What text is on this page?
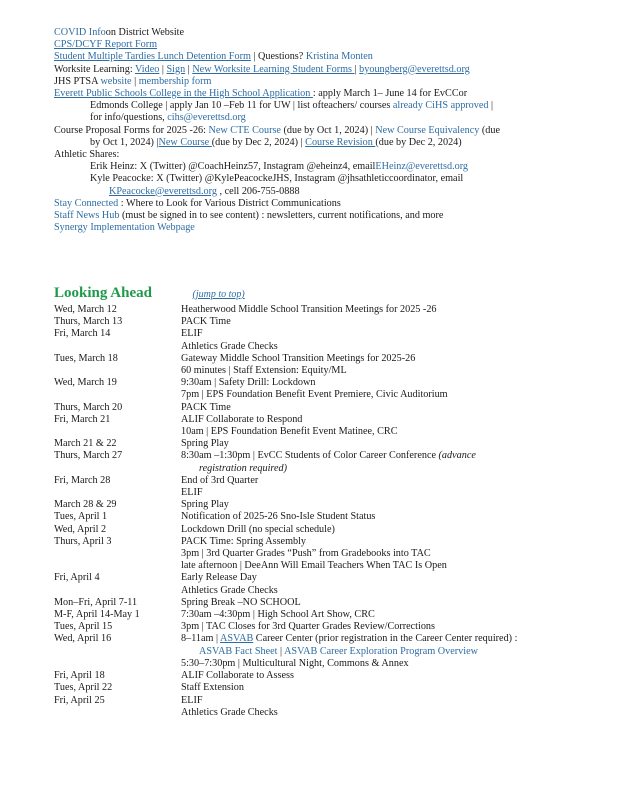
COVID Infoon District Website
CPS/DCYF Report Form
Student Multiple Tardies Lunch Detention Form | Questions? Kristina Monten
Worksite Learning: Video | Sign | New Worksite Learning Student Forms | byoungberg@everettsd.org
JHS PTSA website | membership form
Everett Public Schools College in the High School Application : apply March 1– June 14 for EvCCor
Edmonds College | apply Jan 10 –Feb 11 for UW | list ofteachers/ courses already CiHS approved |
for info/questions, cihs@everettsd.org
Course Proposal Forms for 2025 -26: New CTE Course (due by Oct 1, 2024) | New Course Equivalency (due
by Oct 1, 2024) |New Course (due by Dec 2, 2024) | Course Revision (due by Dec 2, 2024)
Athletic Shares:
Erik Heinz: X (Twitter) @CoachHeinz57, Instagram @eheinz4, emailEHeinz@everettsd.org
Kyle Peacocke: X (Twitter) @KylePeacockeJHS, Instagram @jhsathleticcoordinator, email
KPeacocke@everettsd.org , cell 206-755-0888
Stay Connected : Where to Look for Various District Communications
Staff News Hub (must be signed in to see content) : newsletters, current notifications, and more
Synergy Implementation Webpage
Looking Ahead	(jump to top)
Wed, March 12	Heatherwood Middle School Transition Meetings for 2025 -26
Thurs, March 13	PACK Time
Fri, March 14	ELIF
Athletics Grade Checks
Tues, March 18	Gateway Middle School Transition Meetings for 2025-26
60 minutes | Staff Extension: Equity/ML
Wed, March 19	9:30am | Safety Drill: Lockdown
7pm | EPS Foundation Benefit Event Premiere, Civic Auditorium
Thurs, March 20	PACK Time
Fri, March 21	ALIF Collaborate to Respond
10am | EPS Foundation Benefit Event Matinee, CRC
March 21 & 22	Spring Play
Thurs, March 27	8:30am –1:30pm | EvCC Students of Color Career Conference (advance
registration required)
Fri, March 28	End of 3rd Quarter
ELIF
March 28 & 29	Spring Play
Tues, April 1	Notification of 2025-26 Sno-Isle Student Status
Wed, April 2	Lockdown Drill (no special schedule)
Thurs, April 3	PACK Time: Spring Assembly
3pm | 3rd Quarter Grades “Push” from Gradebooks into TAC
late afternoon | DeeAnn Will Email Teachers When TAC Is Open
Fri, April 4	Early Release Day
Athletics Grade Checks
Mon–Fri, April 7-11	Spring Break –NO SCHOOL
M-F, April 14-May 1	7:30am –4:30pm | High School Art Show, CRC
Tues, April 15	3pm | TAC Closes for 3rd Quarter Grades Review/Corrections
Wed, April 16	8–11am | ASVAB Career Center (prior registration in the Career Center required) :
ASVAB Fact Sheet | ASVAB Career Exploration Program Overview
5:30–7:30pm | Multicultural Night, Commons & Annex
Fri, April 18	ALIF Collaborate to Assess
Tues, April 22	Staff Extension
Fri, April 25	ELIF
Athletics Grade Checks
